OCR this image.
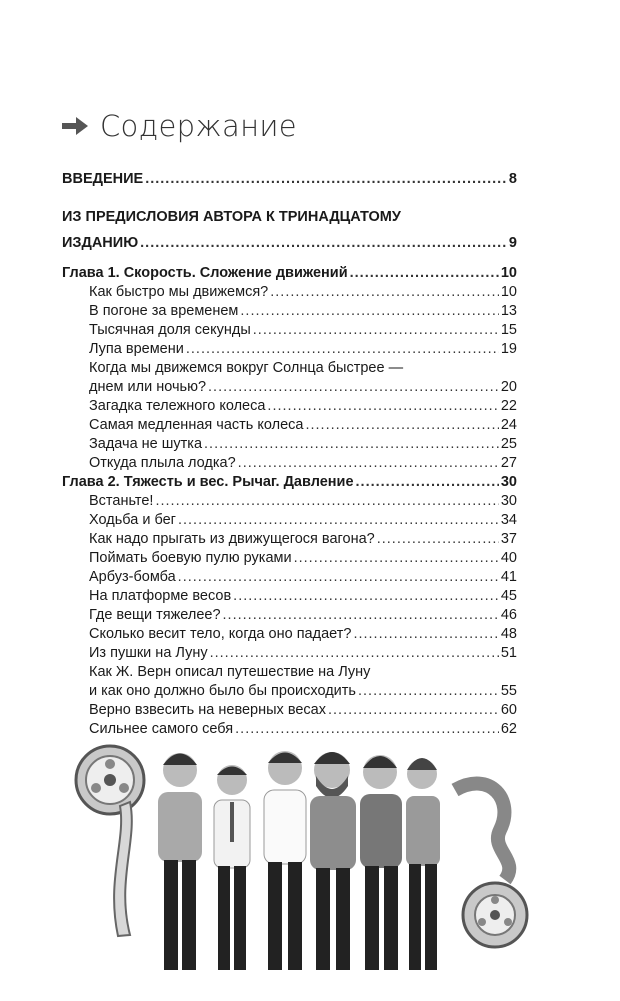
Содержание
ВВЕДЕНИЕ .....	8
ИЗ ПРЕДИСЛОВИЯ АВТОРА К ТРИНАДЦАТОМУ
ИЗДАНИЮ .....	9
Глава 1. Скорость. Сложение движений .....	10
Как быстро мы движемся? .....	10
В погоне за временем .....	13
Тысячная доля секунды .....	15
Лупа времени .....	19
Когда мы движемся вокруг Солнца быстрее —
днем или ночью? .....	20
Загадка тележного колеса .....	22
Самая медленная часть колеса .....	24
Задача не шутка .....	25
Откуда плыла лодка? .....	27
Глава 2. Тяжесть и вес. Рычаг. Давление .....	30
Встаньте! .....	30
Ходьба и бег .....	34
Как надо прыгать из движущегося вагона? .....	37
Поймать боевую пулю руками .....	40
Арбуз-бомба .....	41
На платформе весов .....	45
Где вещи тяжелее? .....	46
Сколько весит тело, когда оно падает? .....	48
Из пушки на Луну .....	51
Как Ж. Верн описал путешествие на Луну
и как оно должно было бы происходить .....	55
Верно взвесить на неверных весах .....	60
Сильнее самого себя .....	62
